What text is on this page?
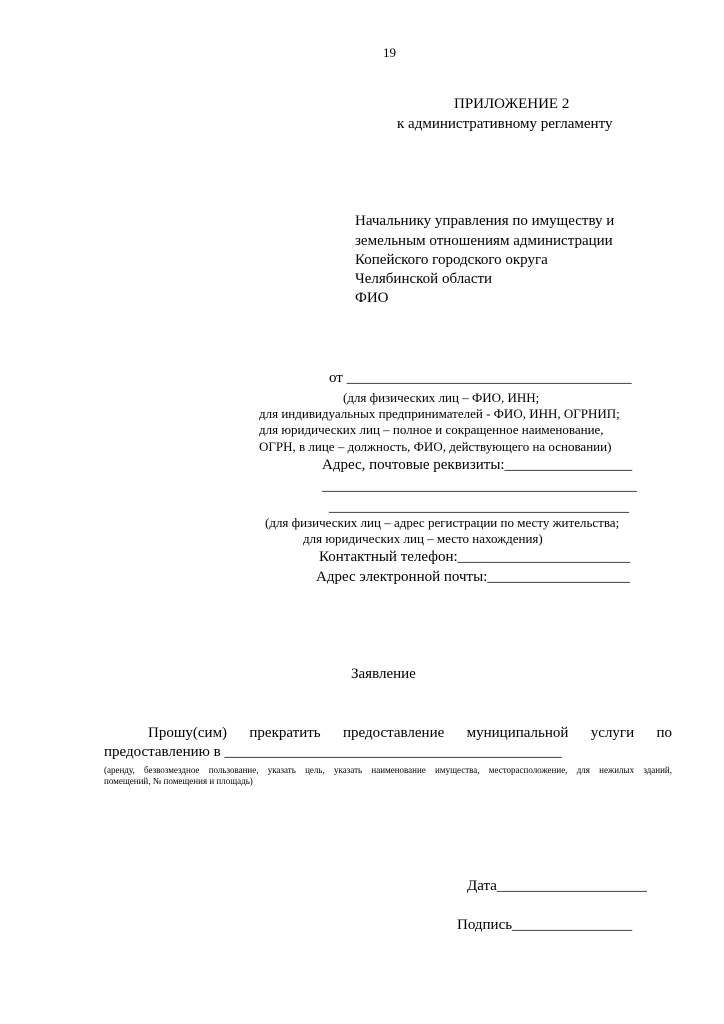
19
ПРИЛОЖЕНИЕ 2
к административному регламенту
Начальнику управления по имуществу и
земельным отношениям администрации
Копейского городского округа
Челябинской области
ФИО
от ______________________________________
(для физических лиц – ФИО, ИНН;
для индивидуальных предпринимателей - ФИО, ИНН, ОГРНИП;
для юридических лиц – полное и сокращенное наименование,
ОГРН, в лице – должность, ФИО, действующего на основании)
Адрес, почтовые реквизиты:_________________
__________________________________________
________________________________________
(для физических лиц – адрес регистрации по месту жительства;
для юридических лиц – место нахождения)
Контактный телефон:_______________________
Адрес электронной почты:___________________
Заявление
Прошу(сим) прекратить предоставление муниципальной услуги по
предоставлению в _____________________________________________
(аренду, безвозмездное пользование, указать цель, указать наименование имущества, месторасположение, для нежилых зданий,
помещений, № помещения и площадь)
Дата____________________
Подпись________________
